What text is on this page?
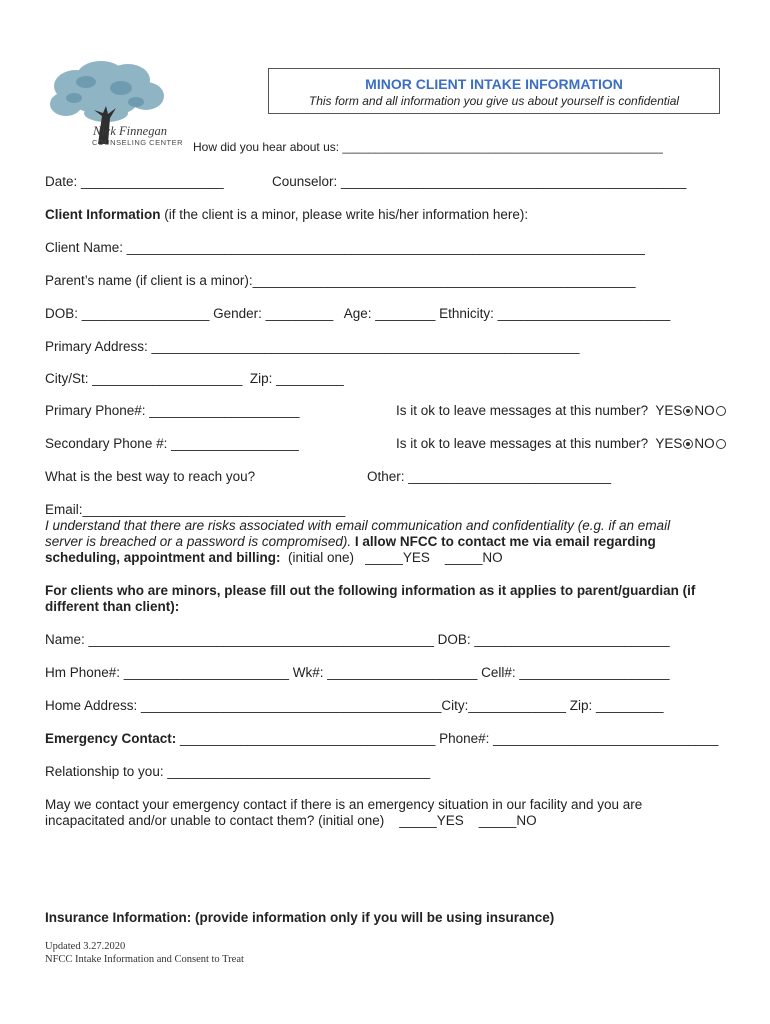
Nick Finnegan
COUNSELING CENTER
MINOR CLIENT INTAKE INFORMATION
This form and all information you give us about yourself is confidential
How did you hear about us: ________________________________________________
Date: ___________________	Counselor: ______________________________________________
Client Information (if the client is a minor, please write his/her information here):
Client Name: _____________________________________________________________________
Parent’s name (if client is a minor):___________________________________________________
DOB: _________________ Gender: _________   Age: ________ Ethnicity: _______________________
Primary Address: _________________________________________________________
City/St: ____________________  Zip: _________
Primary Phone#: ____________________	Is it ok to leave messages at this number?  YES NO
Secondary Phone #: _________________	Is it ok to leave messages at this number?  YES NO
What is the best way to reach you?	Other: ___________________________
Email:___________________________________
I understand that there are risks associated with email communication and confidentiality (e.g. if an email
server is breached or a password is compromised). I allow NFCC to contact me via email regarding
scheduling, appointment and billing:  (initial one)   _____YES    _____NO
For clients who are minors, please fill out the following information as it applies to parent/guardian (if
different than client):
Name: ______________________________________________ DOB: __________________________
Hm Phone#: ______________________ Wk#: ____________________ Cell#: ____________________
Home Address: ________________________________________City:_____________ Zip: _________
Emergency Contact: __________________________________ Phone#: ______________________________
Relationship to you: ___________________________________
May we contact your emergency contact if there is an emergency situation in our facility and you are
incapacitated and/or unable to contact them? (initial one)    _____YES    _____NO
Insurance Information: (provide information only if you will be using insurance)
Updated 3.27.2020
NFCC Intake Information and Consent to Treat
